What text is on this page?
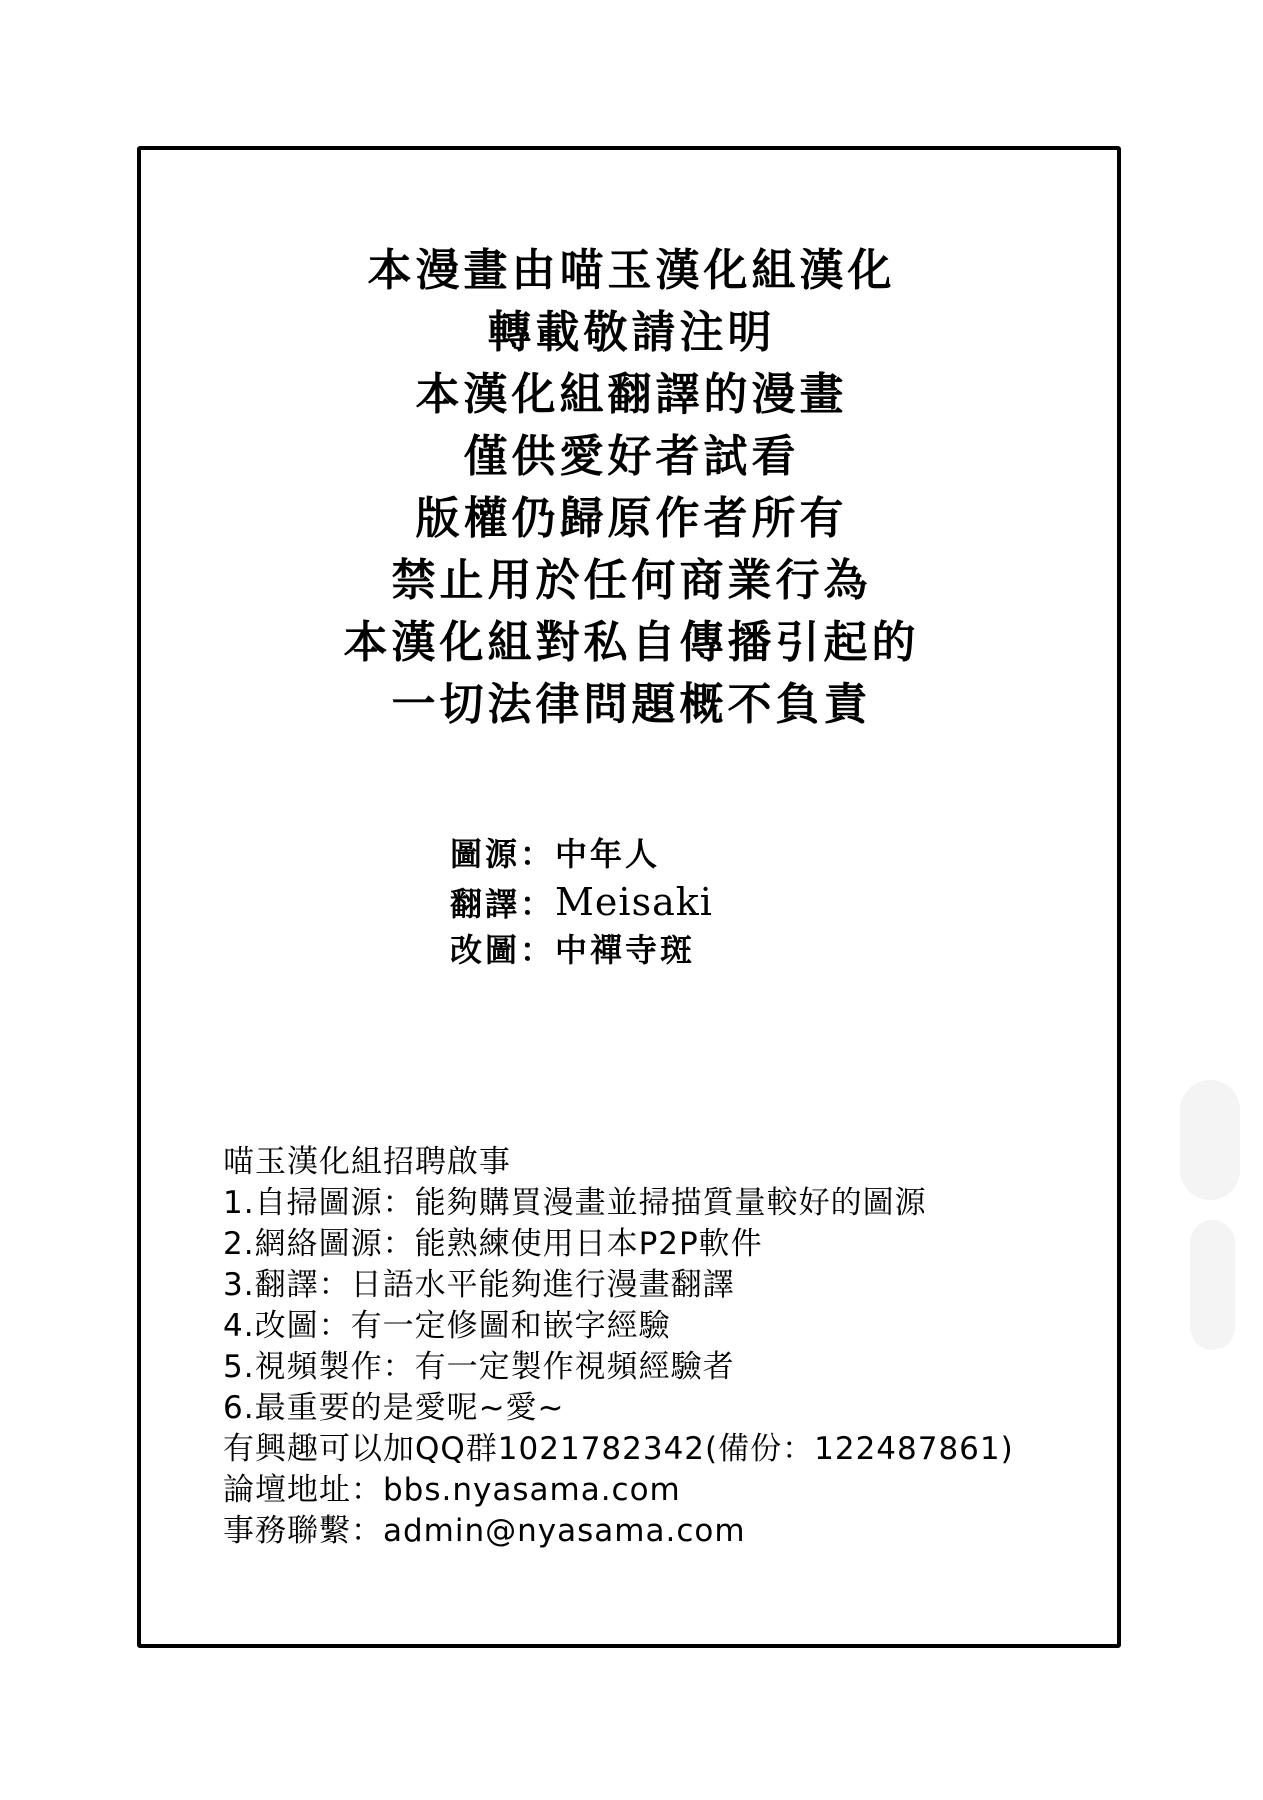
本漫畫由喵玉漢化組漢化
轉載敬請注明
本漢化組翻譯的漫畫
僅供愛好者試看
版權仍歸原作者所有
禁止用於任何商業行為
本漢化組對私自傳播引起的
一切法律問題概不負責
圖源：中年人
翻譯：Meisaki
改圖：中禪寺斑
喵玉漢化組招聘啟事
1.自掃圖源：能夠購買漫畫並掃描質量較好的圖源
2.網絡圖源：能熟練使用日本P2P軟件
3.翻譯：日語水平能夠進行漫畫翻譯
4.改圖：有一定修圖和嵌字經驗
5.視頻製作：有一定製作視頻經驗者
6.最重要的是愛呢~愛~
有興趣可以加QQ群1021782342(備份：122487861)
論壇地址：bbs.nyasama.com
事務聯繫：admin@nyasama.com
